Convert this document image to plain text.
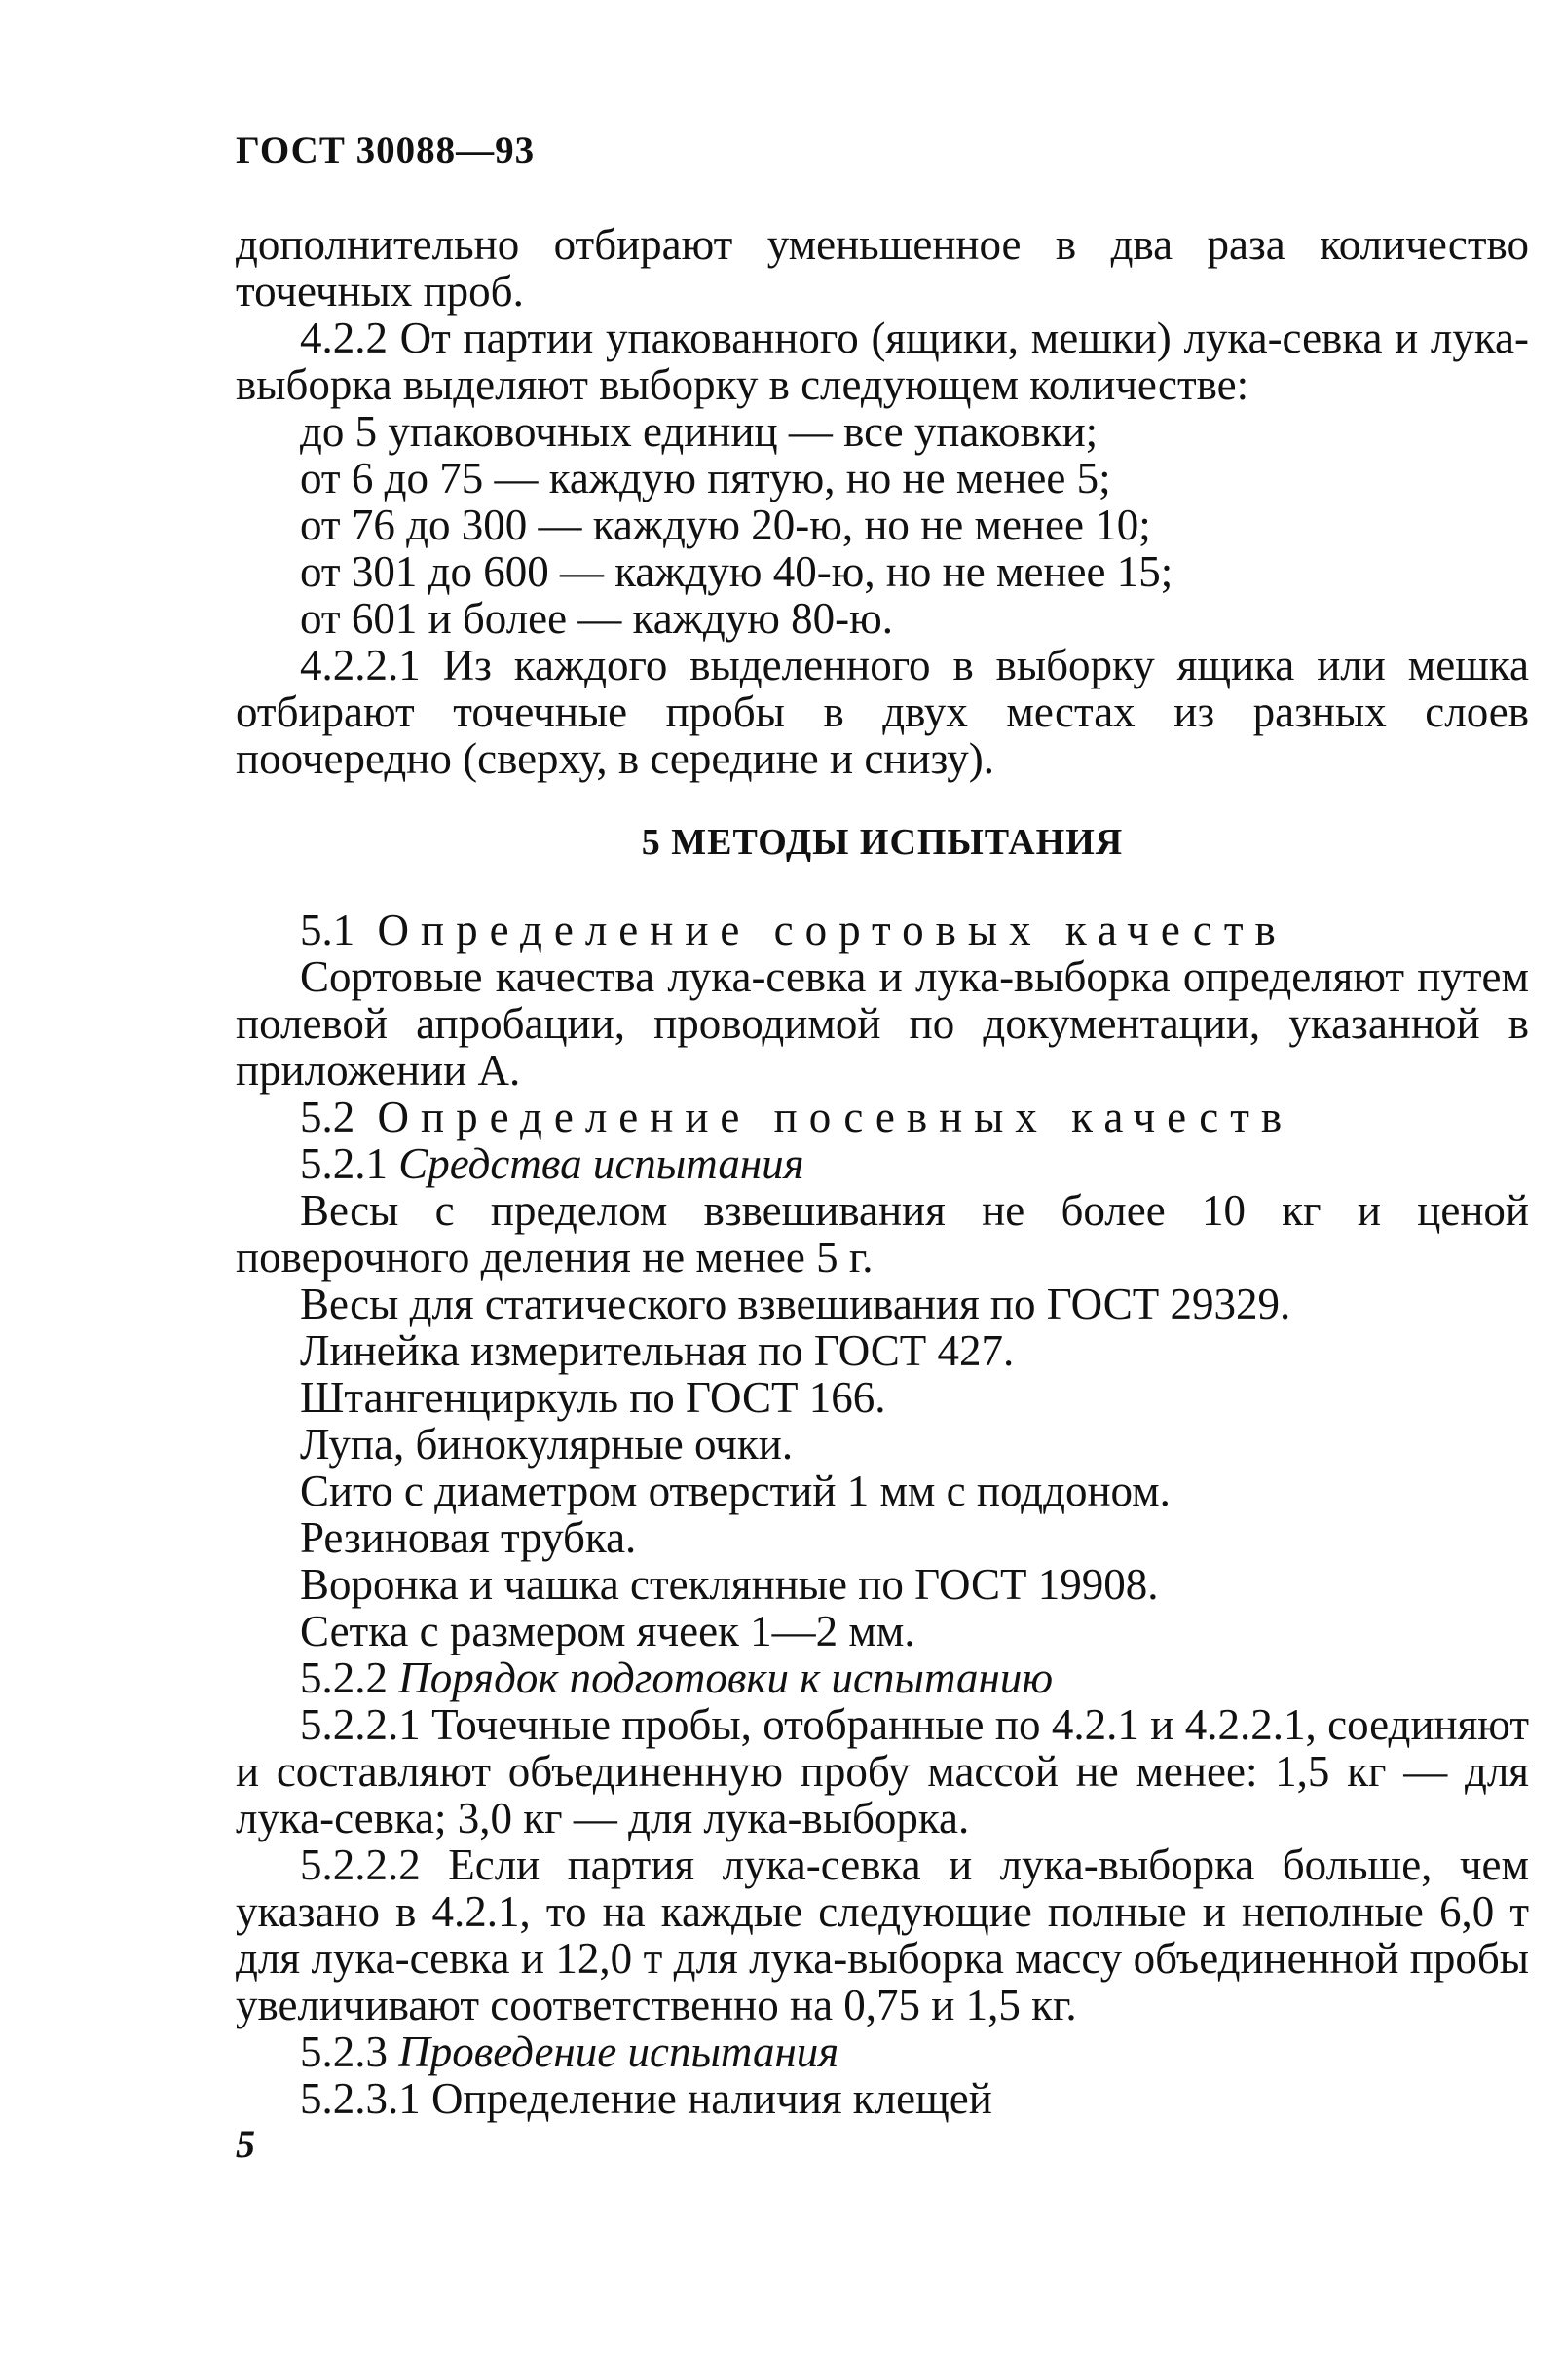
ГОСТ 30088—93

дополнительно отбирают уменьшенное в два раза количество точечных проб.

4.2.2 От партии упакованного (ящики, мешки) лука-севка и лука-выборка выделяют выборку в следующем количестве:

до 5 упаковочных единиц — все упаковки;

от 6 до 75 — каждую пятую, но не менее 5;

от 76 до 300 — каждую 20-ю, но не менее 10;

от 301 до 600 — каждую 40-ю, но не менее 15;

от 601 и более — каждую 80-ю.

4.2.2.1 Из каждого выделенного в выборку ящика или мешка отбирают точечные пробы в двух местах из разных слоев поочередно (сверху, в середине и снизу).

5 МЕТОДЫ ИСПЫТАНИЯ

5.1 Определение сортовых качеств

Сортовые качества лука-севка и лука-выборка определяют путем полевой апробации, проводимой по документации, указанной в приложении А.

5.2 Определение посевных качеств

5.2.1 Средства испытания

Весы с пределом взвешивания не более 10 кг и ценой поверочного деления не менее 5 г.

Весы для статического взвешивания по ГОСТ 29329.

Линейка измерительная по ГОСТ 427.

Штангенциркуль по ГОСТ 166.

Лупа, бинокулярные очки.

Сито с диаметром отверстий 1 мм с поддоном.

Резиновая трубка.

Воронка и чашка стеклянные по ГОСТ 19908.

Сетка с размером ячеек 1—2 мм.

5.2.2 Порядок подготовки к испытанию

5.2.2.1 Точечные пробы, отобранные по 4.2.1 и 4.2.2.1, соединяют и составляют объединенную пробу массой не менее: 1,5 кг — для лука-севка; 3,0 кг — для лука-выборка.

5.2.2.2 Если партия лука-севка и лука-выборка больше, чем указано в 4.2.1, то на каждые следующие полные и неполные 6,0 т для лука-севка и 12,0 т для лука-выборка массу объединенной пробы увеличивают соответственно на 0,75 и 1,5 кг.

5.2.3 Проведение испытания

5.2.3.1 Определение наличия клещей

5
